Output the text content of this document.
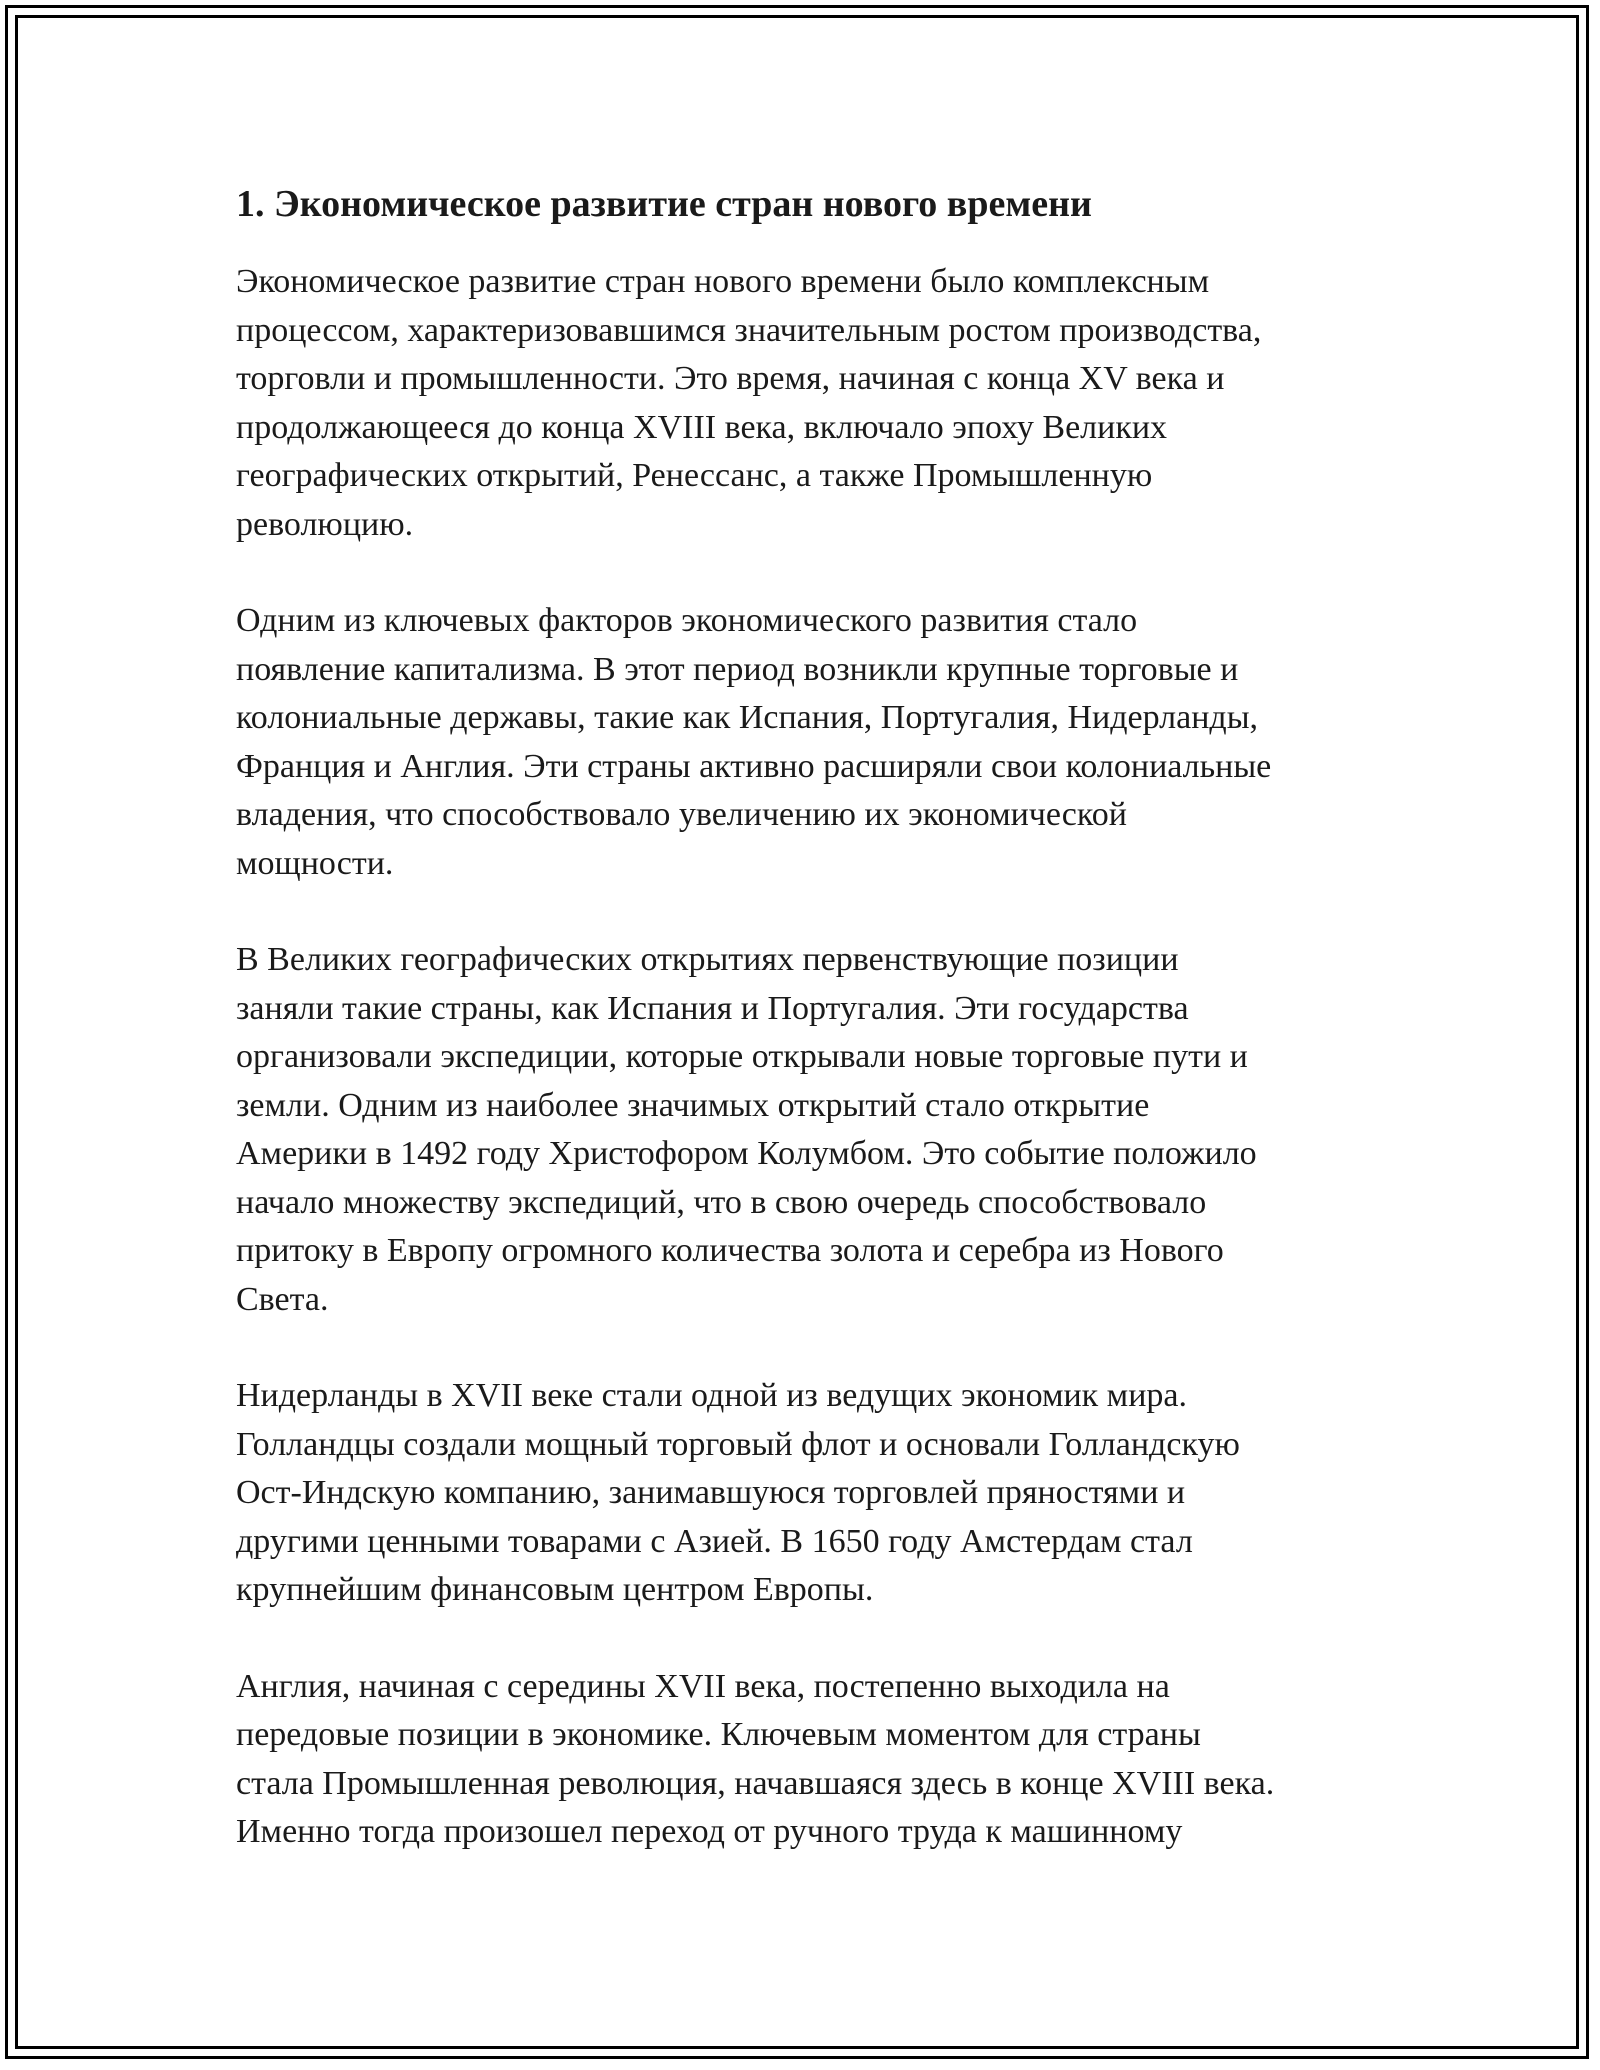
1. Экономическое развитие стран нового времени

Экономическое развитие стран нового времени было комплексным
процессом, характеризовавшимся значительным ростом производства,
торговли и промышленности. Это время, начиная с конца XV века и
продолжающееся до конца XVIII века, включало эпоху Великих
географических открытий, Ренессанс, а также Промышленную
революцию.

Одним из ключевых факторов экономического развития стало
появление капитализма. В этот период возникли крупные торговые и
колониальные державы, такие как Испания, Португалия, Нидерланды,
Франция и Англия. Эти страны активно расширяли свои колониальные
владения, что способствовало увеличению их экономической
мощности.

В Великих географических открытиях первенствующие позиции
заняли такие страны, как Испания и Португалия. Эти государства
организовали экспедиции, которые открывали новые торговые пути и
земли. Одним из наиболее значимых открытий стало открытие
Америки в 1492 году Христофором Колумбом. Это событие положило
начало множеству экспедиций, что в свою очередь способствовало
притоку в Европу огромного количества золота и серебра из Нового
Света.

Нидерланды в XVII веке стали одной из ведущих экономик мира.
Голландцы создали мощный торговый флот и основали Голландскую
Ост-Индскую компанию, занимавшуюся торговлей пряностями и
другими ценными товарами с Азией. В 1650 году Амстердам стал
крупнейшим финансовым центром Европы.

Англия, начиная с середины XVII века, постепенно выходила на
передовые позиции в экономике. Ключевым моментом для страны
стала Промышленная революция, начавшаяся здесь в конце XVIII века.
Именно тогда произошел переход от ручного труда к машинному
